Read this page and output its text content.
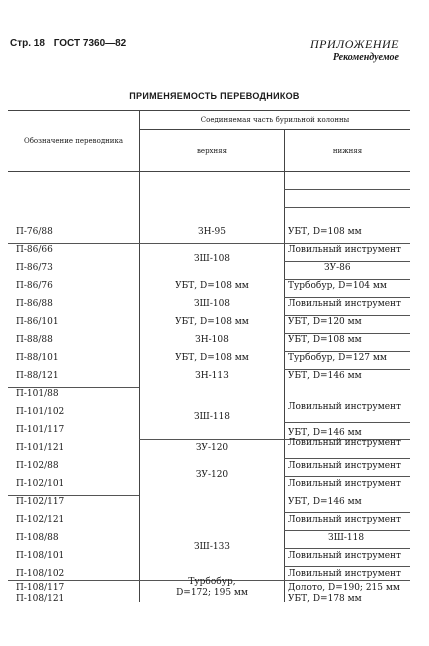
Стр. 18 ГОСТ 7360—82	ПРИЛОЖЕНИЕ
Рекомендуемое
ПРИМЕНЯЕМОСТЬ ПЕРЕВОДНИКОВ
Обозначение переводника
Соединяемая часть бурильной колонны
верхняя	нижняя
П-76/88
П-86/66
П-86/73
П-86/76
П-86/88
П-86/101
П-88/88
П-88/101
П-88/121
П-101/88
П-101/102
П-101/117
П-101/121
П-102/88
П-102/101
П-102/117
П-102/121
П-108/88
П-108/101
П-108/102
П-108/117
П-108/121
ЗН-95
ЗШ-108
УБТ, D=108 мм
ЗШ-108
УБТ, D=108 мм
ЗН-108
УБТ, D=108 мм
ЗН-113
ЗШ-118
ЗУ-120
ЗУ-120
ЗШ-133
Турбобур,
D=172; 195 мм
УБТ, D=108 мм
Ловильный инструмент
ЗУ-86
Турбобур, D=104 мм
Ловильный инструмент
УБТ, D=120 мм
УБТ, D=108 мм
Турбобур, D=127 мм
УБТ, D=146 мм
Ловильный инструмент
УБТ, D=146 мм
Ловильный инструмент
Ловильный инструмент
Ловильный инструмент
УБТ, D=146 мм
Ловильный инструмент
ЗШ-118
Ловильный инструмент
Ловильный инструмент
Долото, D=190; 215 мм
УБТ, D=178 мм
